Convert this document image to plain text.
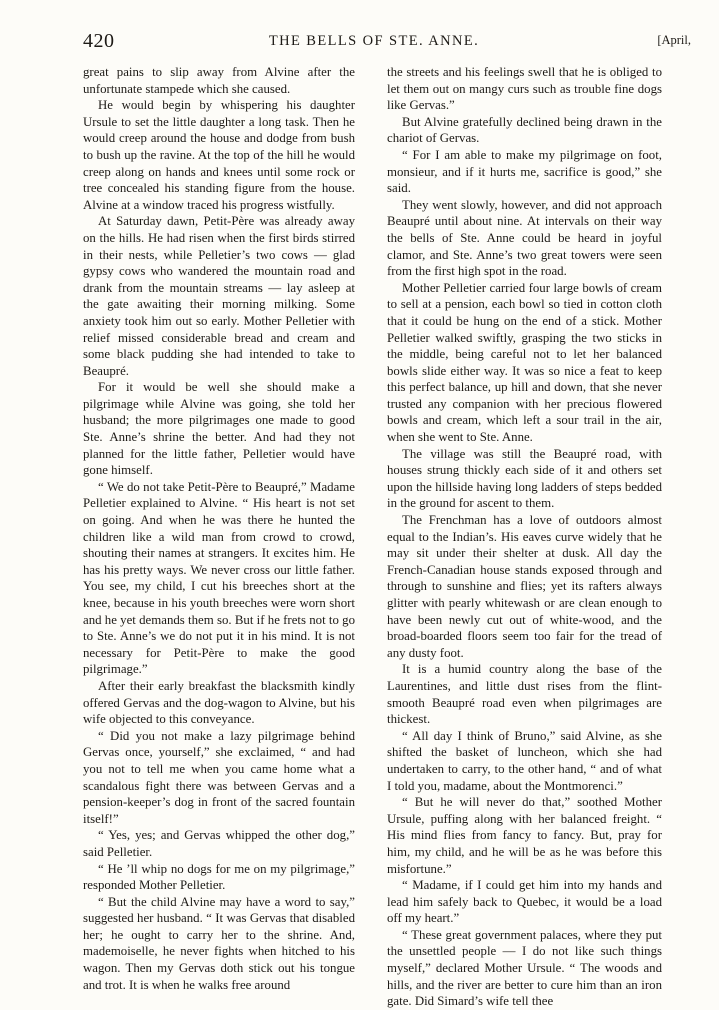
420	THE BELLS OF STE. ANNE.	[April,

great pains to slip away from Alvine after the unfortunate stampede which she caused.

He would begin by whispering his daughter Ursule to set the little daughter a long task. Then he would creep around the house and dodge from bush to bush up the ravine. At the top of the hill he would creep along on hands and knees until some rock or tree concealed his standing figure from the house. Alvine at a window traced his progress wistfully.

At Saturday dawn, Petit-Père was already away on the hills. He had risen when the first birds stirred in their nests, while Pelletier’s two cows — glad gypsy cows who wandered the mountain road and drank from the mountain streams — lay asleep at the gate awaiting their morning milking. Some anxiety took him out so early. Mother Pelletier with relief missed considerable bread and cream and some black pudding she had intended to take to Beaupré.

For it would be well she should make a pilgrimage while Alvine was going, she told her husband; the more pilgrimages one made to good Ste. Anne’s shrine the better. And had they not planned for the little father, Pelletier would have gone himself.

“ We do not take Petit-Père to Beaupré,” Madame Pelletier explained to Alvine. “ His heart is not set on going. And when he was there he hunted the children like a wild man from crowd to crowd, shouting their names at strangers. It excites him. He has his pretty ways. We never cross our little father. You see, my child, I cut his breeches short at the knee, because in his youth breeches were worn short and he yet demands them so. But if he frets not to go to Ste. Anne’s we do not put it in his mind. It is not necessary for Petit-Père to make the good pilgrimage.”

After their early breakfast the blacksmith kindly offered Gervas and the dog-wagon to Alvine, but his wife objected to this conveyance.

“ Did you not make a lazy pilgrimage behind Gervas once, yourself,” she exclaimed, “ and had you not to tell me when you came home what a scandalous fight there was between Gervas and a pension-keeper’s dog in front of the sacred fountain itself!”

“ Yes, yes; and Gervas whipped the other dog,” said Pelletier.

“ He ’ll whip no dogs for me on my pilgrimage,” responded Mother Pelletier.

“ But the child Alvine may have a word to say,” suggested her husband. “ It was Gervas that disabled her; he ought to carry her to the shrine. And, mademoiselle, he never fights when hitched to his wagon. Then my Gervas doth stick out his tongue and trot. It is when he walks free around

the streets and his feelings swell that he is obliged to let them out on mangy curs such as trouble fine dogs like Gervas.”

But Alvine gratefully declined being drawn in the chariot of Gervas.

“ For I am able to make my pilgrimage on foot, monsieur, and if it hurts me, sacrifice is good,” she said.

They went slowly, however, and did not approach Beaupré until about nine. At intervals on their way the bells of Ste. Anne could be heard in joyful clamor, and Ste. Anne’s two great towers were seen from the first high spot in the road.

Mother Pelletier carried four large bowls of cream to sell at a pension, each bowl so tied in cotton cloth that it could be hung on the end of a stick. Mother Pelletier walked swiftly, grasping the two sticks in the middle, being careful not to let her balanced bowls slide either way. It was so nice a feat to keep this perfect balance, up hill and down, that she never trusted any companion with her precious flowered bowls and cream, which left a sour trail in the air, when she went to Ste. Anne.

The village was still the Beaupré road, with houses strung thickly each side of it and others set upon the hillside having long ladders of steps bedded in the ground for ascent to them.

The Frenchman has a love of outdoors almost equal to the Indian’s. His eaves curve widely that he may sit under their shelter at dusk. All day the French-Canadian house stands exposed through and through to sunshine and flies; yet its rafters always glitter with pearly whitewash or are clean enough to have been newly cut out of white-wood, and the broad-boarded floors seem too fair for the tread of any dusty foot.

It is a humid country along the base of the Laurentines, and little dust rises from the flint-smooth Beaupré road even when pilgrimages are thickest.

“ All day I think of Bruno,” said Alvine, as she shifted the basket of luncheon, which she had undertaken to carry, to the other hand, “ and of what I told you, madame, about the Montmorenci.”

“ But he will never do that,” soothed Mother Ursule, puffing along with her balanced freight. “ His mind flies from fancy to fancy. But, pray for him, my child, and he will be as he was before this misfortune.”

“ Madame, if I could get him into my hands and lead him safely back to Quebec, it would be a load off my heart.”

“ These great government palaces, where they put the unsettled people — I do not like such things myself,” declared Mother Ursule. “ The woods and hills, and the river are better to cure him than an iron gate. Did Simard’s wife tell thee
